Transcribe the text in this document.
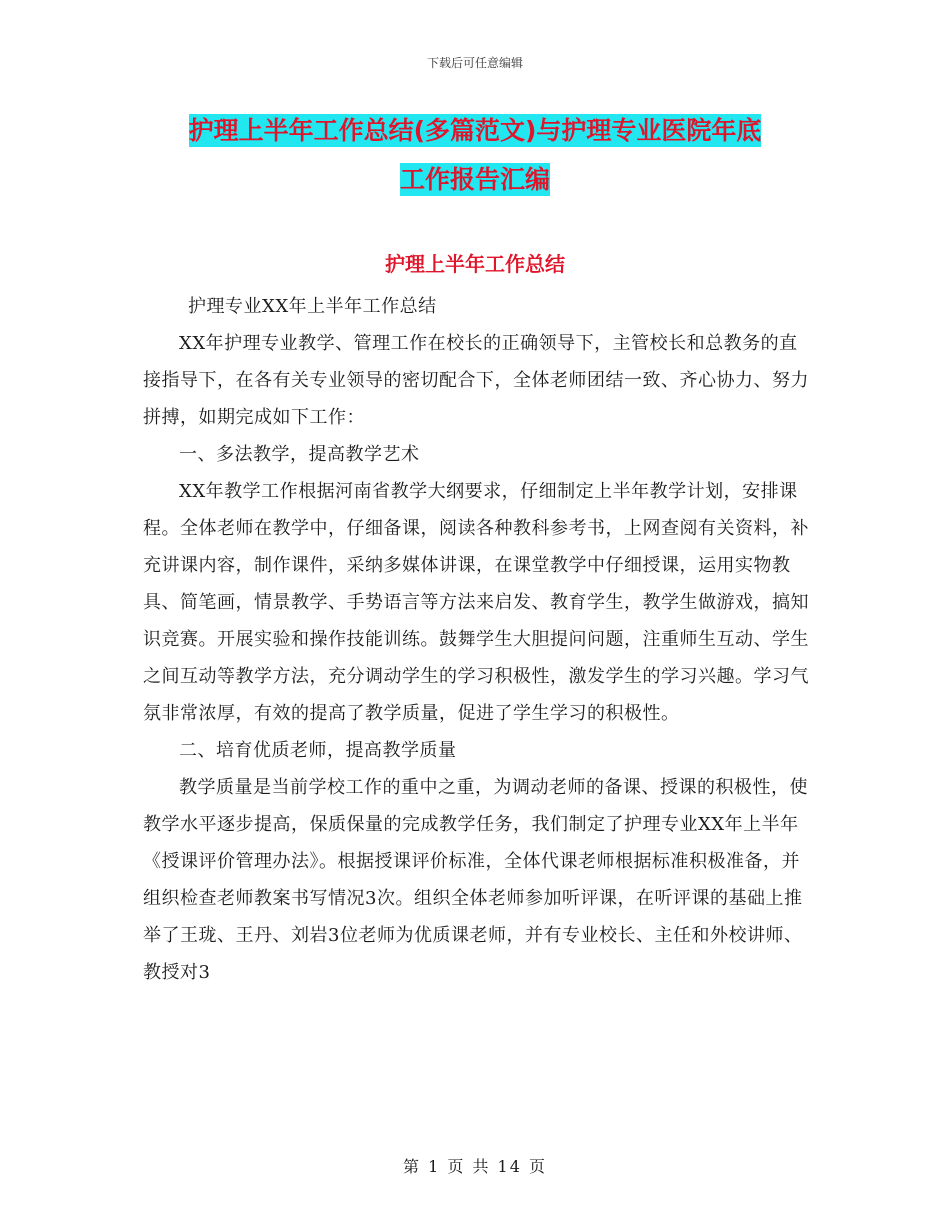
下载后可任意编辑
护理上半年工作总结(多篇范文)与护理专业医院年底
工作报告汇编
护理上半年工作总结

护理专业XX年上半年工作总结

XX年护理专业教学、管理工作在校长的正确领导下，主管校长和总教务的直接指导下，在各有关专业领导的密切配合下，全体老师团结一致、齐心协力、努力拼搏，如期完成如下工作：

一、多法教学，提高教学艺术

XX年教学工作根据河南省教学大纲要求，仔细制定上半年教学计划，安排课程。全体老师在教学中，仔细备课，阅读各种教科参考书，上网查阅有关资料，补充讲课内容，制作课件，采纳多媒体讲课，在课堂教学中仔细授课，运用实物教具、简笔画，情景教学、手势语言等方法来启发、教育学生，教学生做游戏，搞知识竞赛。开展实验和操作技能训练。鼓舞学生大胆提问问题，注重师生互动、学生之间互动等教学方法，充分调动学生的学习积极性，激发学生的学习兴趣。学习气氛非常浓厚，有效的提高了教学质量，促进了学生学习的积极性。

二、培育优质老师，提高教学质量

教学质量是当前学校工作的重中之重，为调动老师的备课、授课的积极性，使教学水平逐步提高，保质保量的完成教学任务，我们制定了护理专业XX年上半年《授课评价管理办法》。根据授课评价标准，全体代课老师根据标准积极准备，并组织检查老师教案书写情况3次。组织全体老师参加听评课，在听评课的基础上推举了王珑、王丹、刘岩3位老师为优质课老师，并有专业校长、主任和外校讲师、教授对3

第 1 页 共 14 页
